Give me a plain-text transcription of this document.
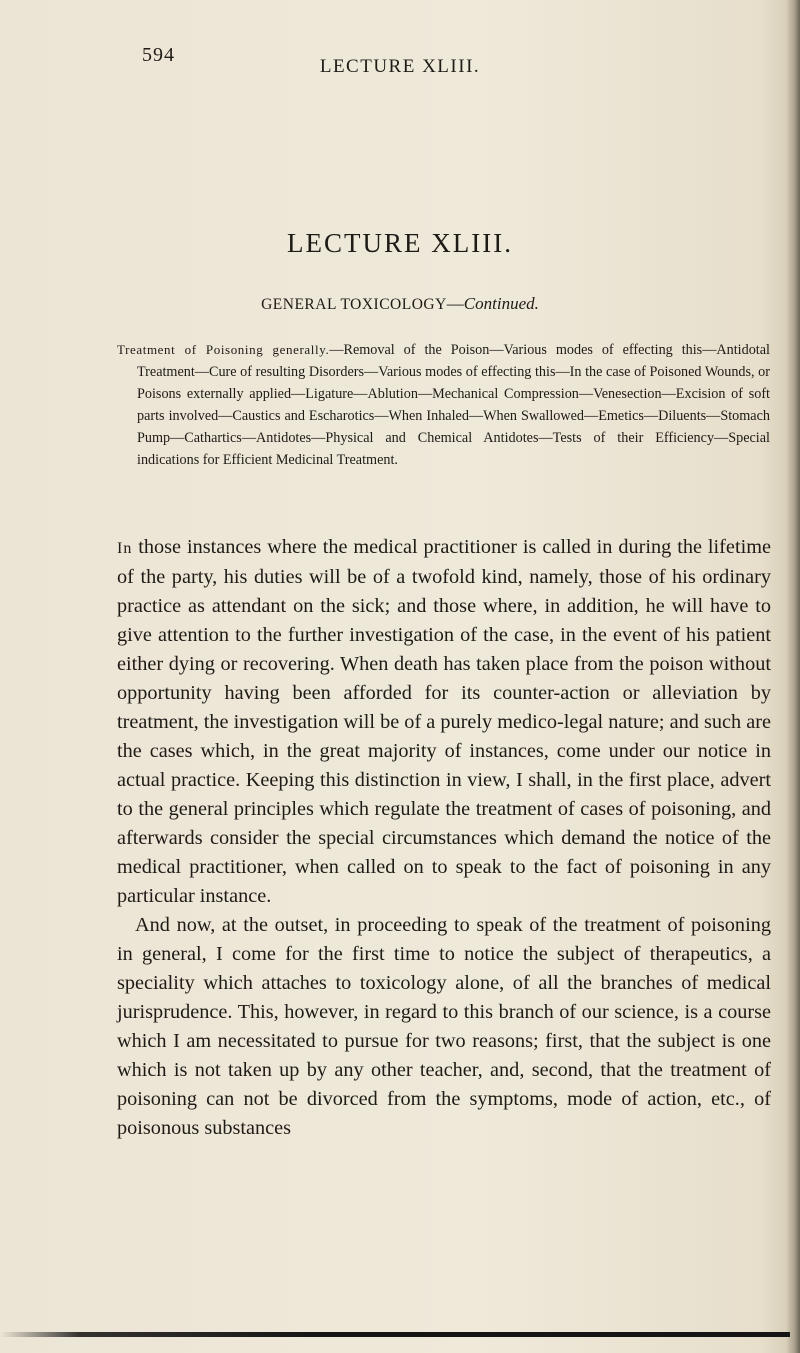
594
LECTURE XLIII.
LECTURE XLIII.
GENERAL TOXICOLOGY—Continued.
Treatment of Poisoning generally.—Removal of the Poison—Various modes of effecting this—Antidotal Treatment—Cure of resulting Disorders—Various modes of effecting this—In the case of Poisoned Wounds, or Poisons externally applied—Ligature—Ablution—Mechanical Compression—Venesection—Excision of soft parts involved—Caustics and Escharotics—When Inhaled—When Swallowed—Emetics—Diluents—Stomach Pump—Cathartics—Antidotes—Physical and Chemical Antidotes—Tests of their Efficiency—Special indications for Efficient Medicinal Treatment.

In those instances where the medical practitioner is called in during the lifetime of the party, his duties will be of a twofold kind, namely, those of his ordinary practice as attendant on the sick; and those where, in addition, he will have to give attention to the further investigation of the case, in the event of his patient either dying or recovering. When death has taken place from the poison without opportunity having been afforded for its counter-action or alleviation by treatment, the investigation will be of a purely medico-legal nature; and such are the cases which, in the great majority of instances, come under our notice in actual practice. Keeping this distinction in view, I shall, in the first place, advert to the general principles which regulate the treatment of cases of poisoning, and afterwards consider the special circumstances which demand the notice of the medical practitioner, when called on to speak to the fact of poisoning in any particular instance.

And now, at the outset, in proceeding to speak of the treatment of poisoning in general, I come for the first time to notice the subject of therapeutics, a speciality which attaches to toxicology alone, of all the branches of medical jurisprudence. This, however, in regard to this branch of our science, is a course which I am necessitated to pursue for two reasons; first, that the subject is one which is not taken up by any other teacher, and, second, that the treatment of poisoning can not be divorced from the symptoms, mode of action, etc., of poisonous substances
